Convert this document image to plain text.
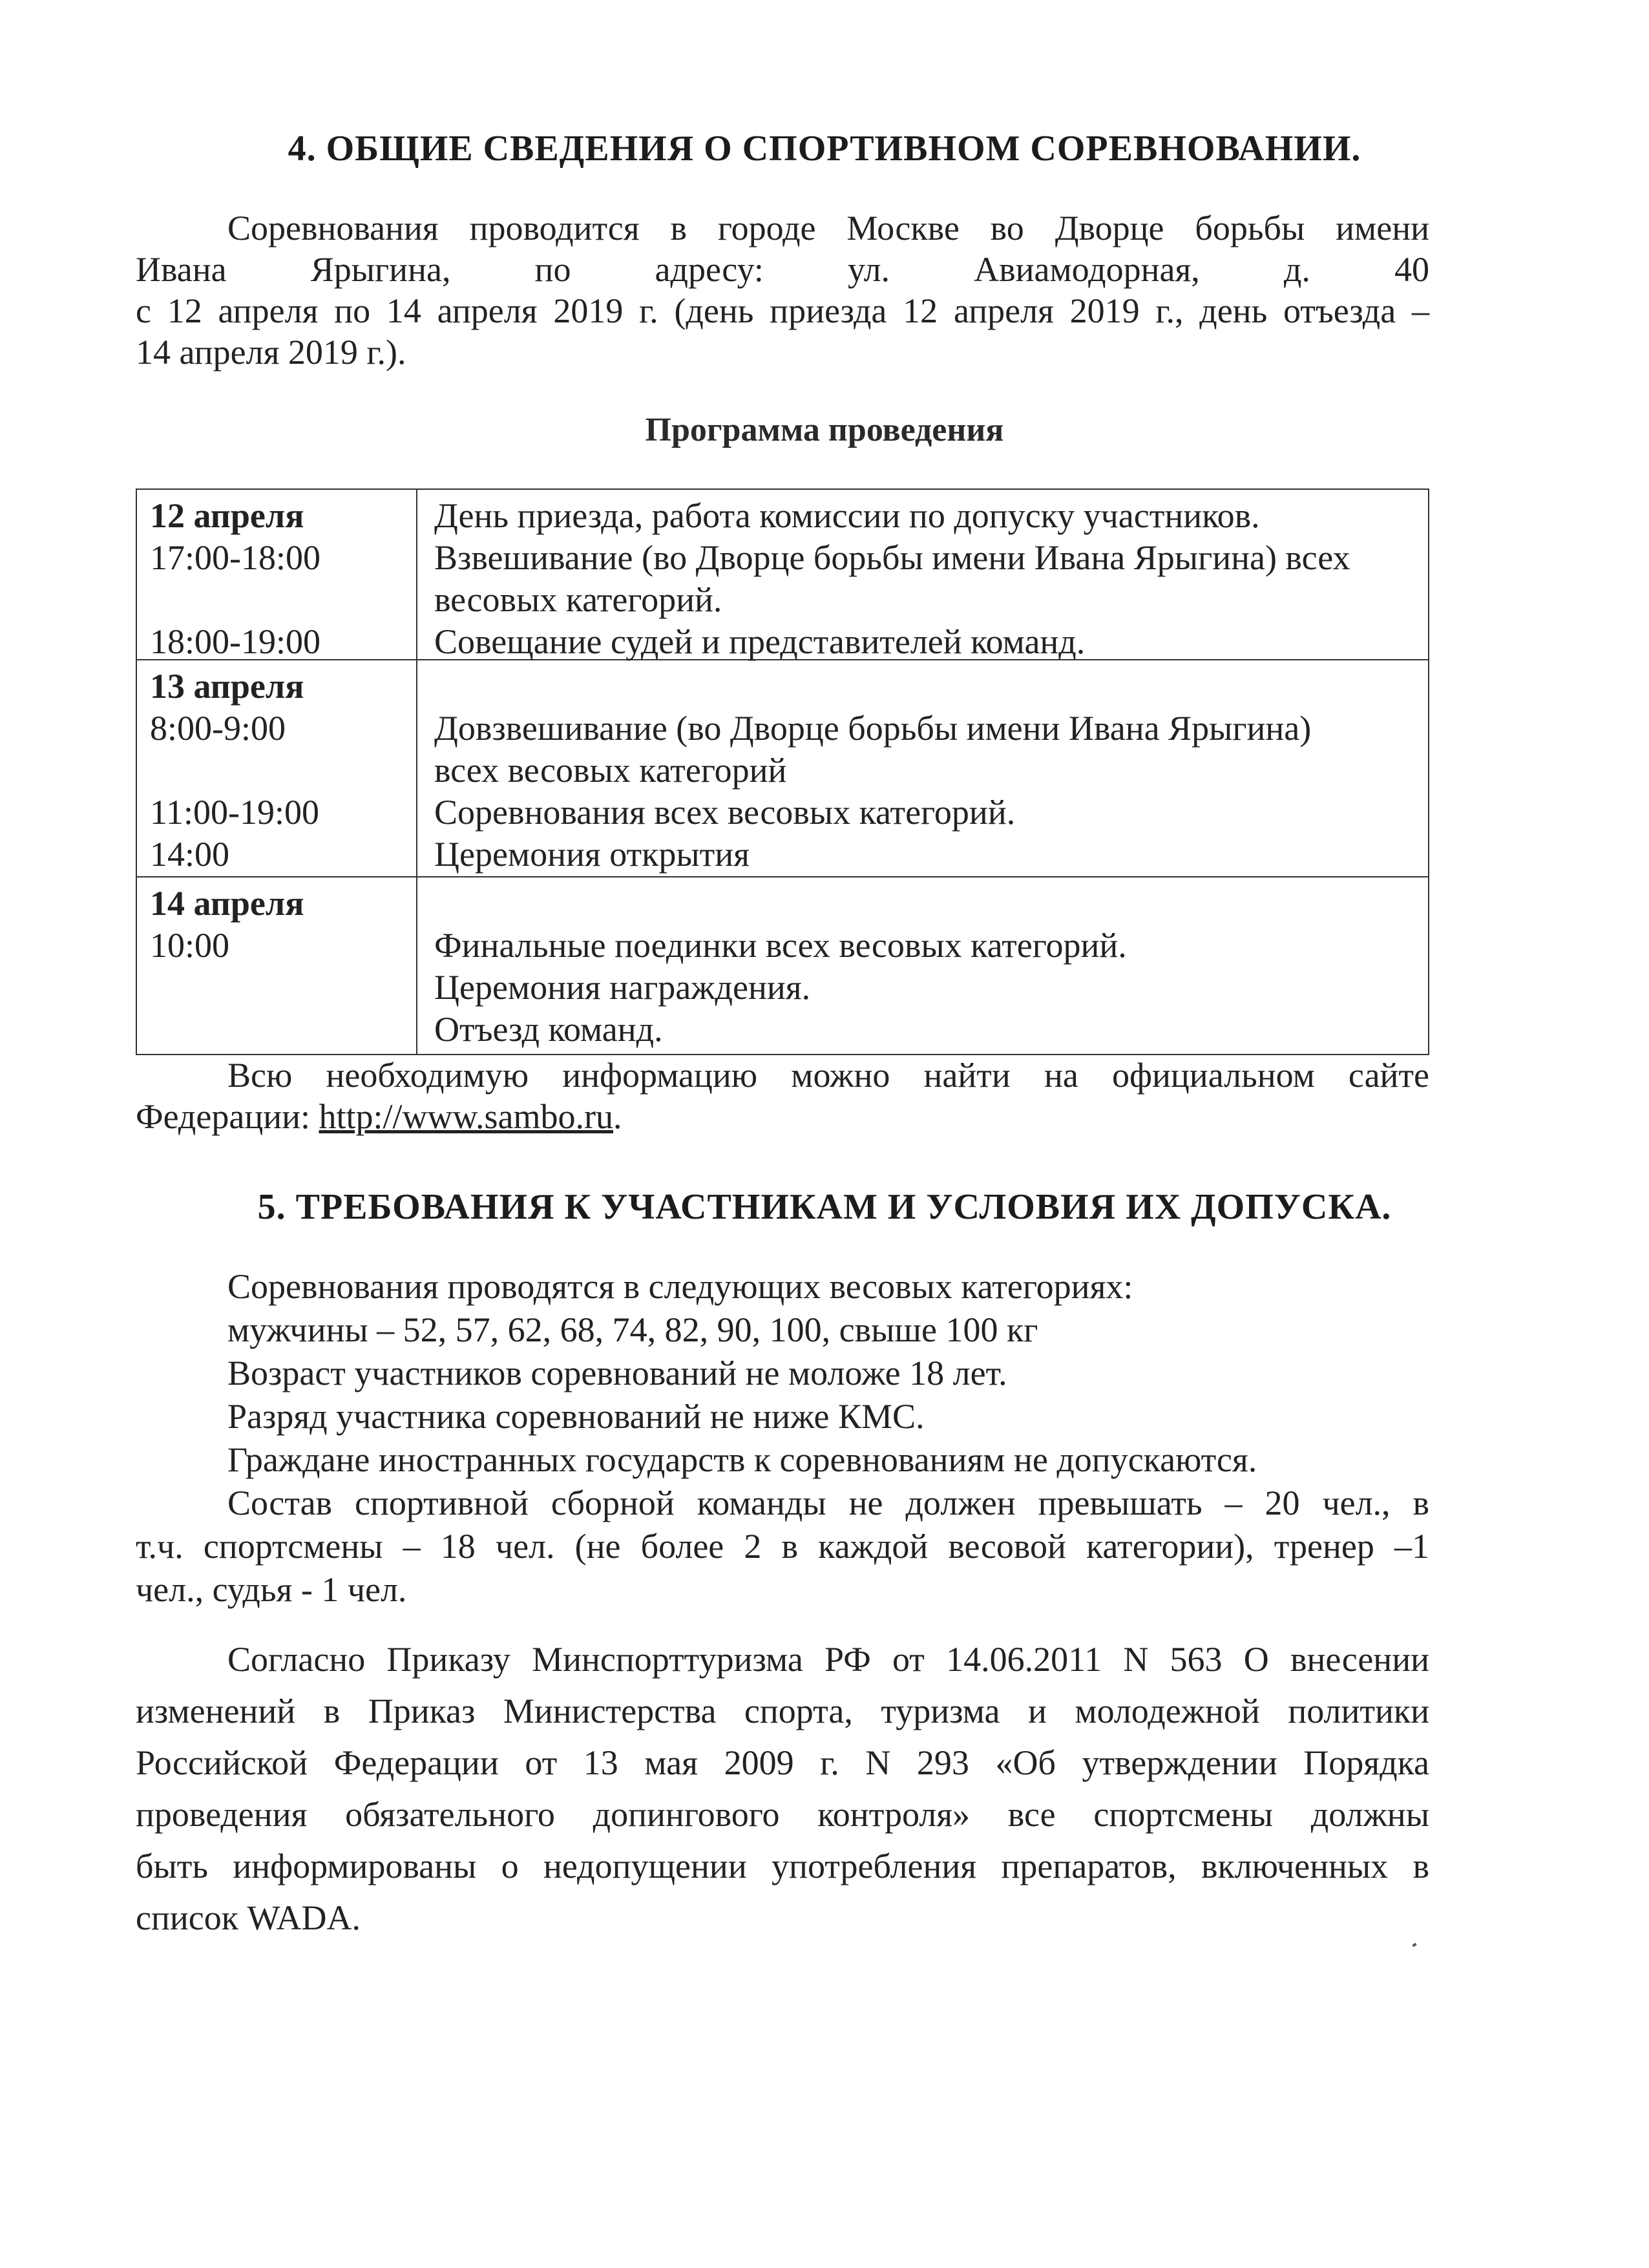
4. ОБЩИЕ СВЕДЕНИЯ О СПОРТИВНОМ СОРЕВНОВАНИИ.
Соревнования проводится в городе Москве во Дворце борьбы имени
Ивана Ярыгина, по адресу: ул. Авиамодорная, д. 40
с 12 апреля по 14 апреля 2019 г. (день приезда 12 апреля 2019 г., день отъезда –
14 апреля 2019 г.).
Программа проведения
12 апреля
17:00-18:00
18:00-19:00
День приезда, работа комиссии по допуску участников.
Взвешивание (во Дворце борьбы имени Ивана Ярыгина) всех
весовых категорий.
Совещание судей и представителей команд.
13 апреля
8:00-9:00
11:00-19:00
14:00
Довзвешивание (во Дворце борьбы имени Ивана Ярыгина)
всех весовых категорий
Соревнования всех весовых категорий.
Церемония открытия
14 апреля
10:00	Финальные поединки всех весовых категорий.
Церемония награждения.
Отъезд команд.
Всю необходимую информацию можно найти на официальном сайте
Федерации: http://www.sambo.ru.
5. ТРЕБОВАНИЯ К УЧАСТНИКАМ И УСЛОВИЯ ИХ ДОПУСКА.
Соревнования проводятся в следующих весовых категориях:
мужчины – 52, 57, 62, 68, 74, 82, 90, 100, свыше 100 кг
Возраст участников соревнований не моложе 18 лет.
Разряд участника соревнований не ниже КМС.
Граждане иностранных государств к соревнованиям не допускаются.
Состав спортивной сборной команды не должен превышать – 20 чел., в
т.ч. спортсмены – 18 чел. (не более 2 в каждой весовой категории), тренер –1
чел., судья - 1 чел.
Согласно Приказу Минспорттуризма РФ от 14.06.2011 N 563 О внесении
изменений в Приказ Министерства спорта, туризма и молодежной политики
Российской Федерации от 13 мая 2009 г. N 293 «Об утверждении Порядка
проведения обязательного допингового контроля» все спортсмены должны
быть информированы о недопущении употребления препаратов, включенных в
список WADA.
